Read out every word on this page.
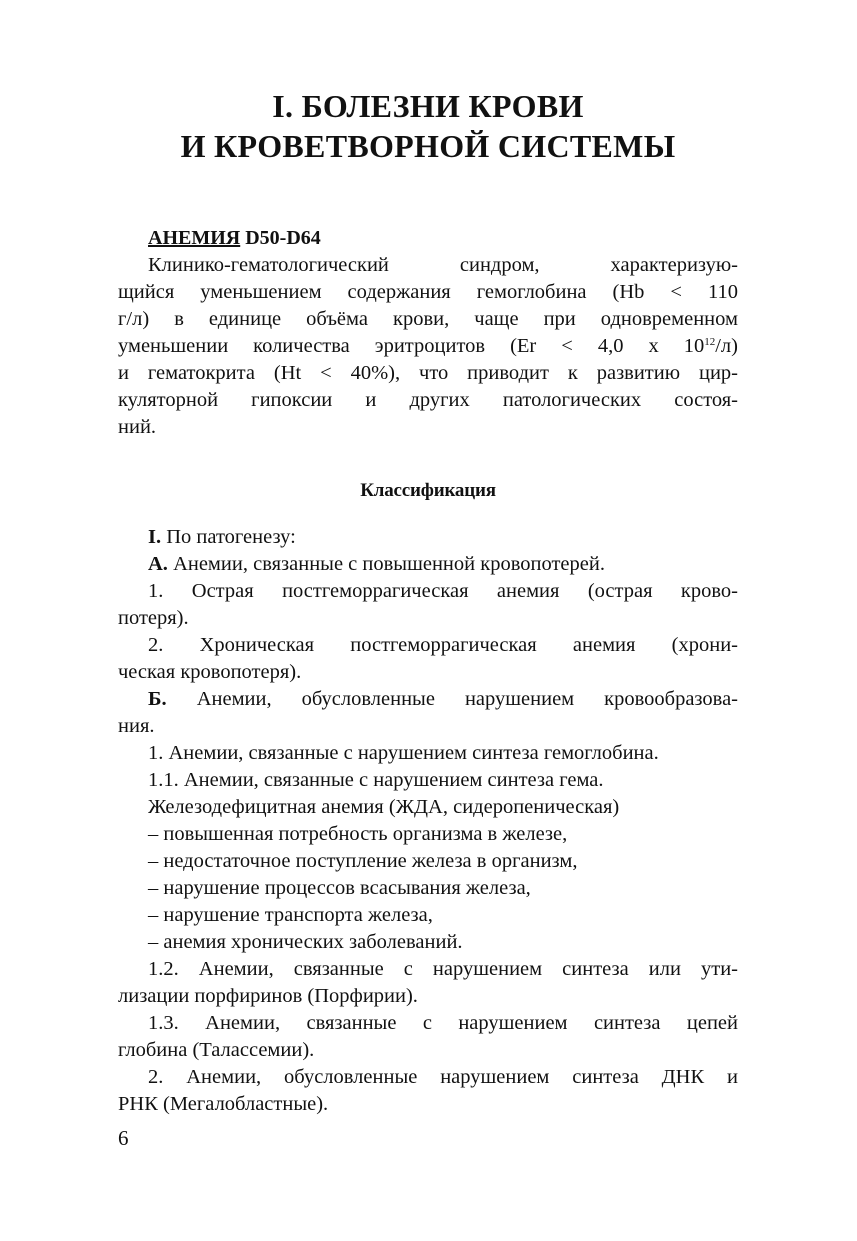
I. БОЛЕЗНИ КРОВИ
И КРОВЕТВОРНОЙ СИСТЕМЫ
АНЕМИЯ D50-D64
Клинико-гематологический синдром, характеризую-
щийся уменьшением содержания гемоглобина (Hb < 110
г/л) в единице объёма крови, чаще при одновременном
уменьшении количества эритроцитов (Er < 4,0 х $10^{12}/л$)
и гематокрита (Ht < 40%), что приводит к развитию цир-
куляторной гипоксии и других патологических состоя-
ний.
Классификация
I. По патогенезу:
А. Анемии, связанные с повышенной кровопотерей.
1. Острая постгеморрагическая анемия (острая крово-
потеря).
2. Хроническая постгеморрагическая анемия (хрони-
ческая кровопотеря).
Б. Анемии, обусловленные нарушением кровообразова-
ния.
1. Анемии, связанные с нарушением синтеза гемоглобина.
1.1. Анемии, связанные с нарушением синтеза гема.
Железодефицитная анемия (ЖДА, сидеропеническая)
– повышенная потребность организма в железе,
– недостаточное поступление железа в организм,
– нарушение процессов всасывания железа,
– нарушение транспорта железа,
– анемия хронических заболеваний.
1.2. Анемии, связанные с нарушением синтеза или ути-
лизации порфиринов (Порфирии).
1.3. Анемии, связанные с нарушением синтеза цепей
глобина (Талассемии).
2. Анемии, обусловленные нарушением синтеза ДНК и
РНК (Мегалобластные).
6
